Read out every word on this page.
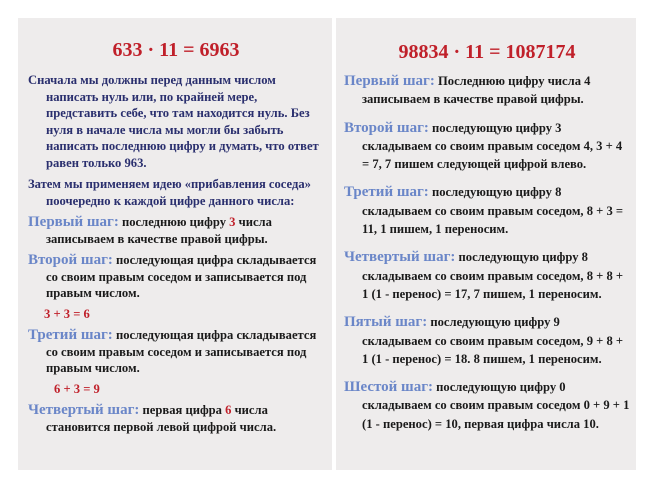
633 · 11 = 6963

Сначала мы должны перед данным числом написать нуль или, по крайней мере, представить себе, что там находится нуль. Без нуля в начале числа мы могли бы забыть написать последнюю цифру и думать, что ответ равен только 963.

Затем мы применяем идею «прибавления соседа» поочередно к каждой цифре данного числа:

Первый шаг: последнюю цифру 3 числа записываем в качестве правой цифры.

Второй шаг: последующая цифра складывается со своим правым соседом и записывается под правым числом.

3 + 3 = 6

Третий шаг: последующая цифра складывается со своим правым соседом и записывается под правым числом.

6 + 3 = 9

Четвертый шаг: первая цифра 6 числа становится первой левой цифрой числа.

98834 · 11 = 1087174

Первый шаг: Последнюю цифру числа 4 записываем в качестве правой цифры.

Второй шаг: последующую цифру 3 складываем со своим правым соседом 4, 3 + 4 = 7, 7 пишем следующей цифрой влево.

Третий шаг: последующую цифру 8 складываем со своим правым соседом, 8 + 3 = 11, 1 пишем, 1 переносим.

Четвертый шаг: последующую цифру 8 складываем со своим правым соседом, 8 + 8 + 1 (1 - перенос) = 17, 7 пишем, 1 переносим.

Пятый шаг: последующую цифру 9 складываем со своим правым соседом, 9 + 8 + 1 (1 - перенос) = 18. 8 пишем, 1 переносим.

Шестой шаг: последующую цифру 0 складываем со своим правым соседом 0 + 9 + 1 (1 - перенос) = 10, первая цифра числа 10.
